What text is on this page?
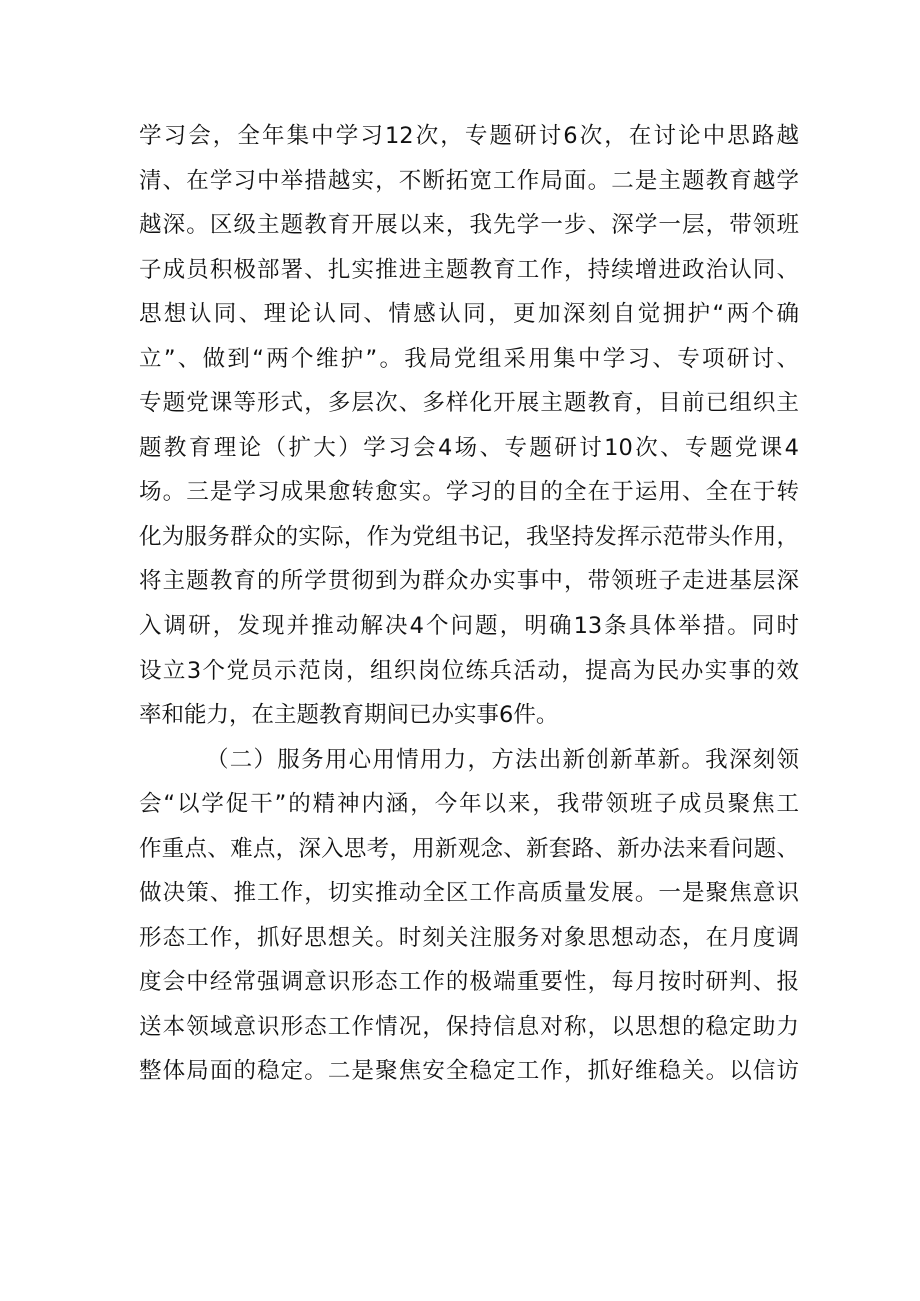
学习会，全年集中学习12次，专题研讨6次，在讨论中思路越
清、在学习中举措越实，不断拓宽工作局面。二是主题教育越学
越深。区级主题教育开展以来，我先学一步、深学一层，带领班
子成员积极部署、扎实推进主题教育工作，持续增进政治认同、
思想认同、理论认同、情感认同，更加深刻自觉拥护“两个确
立”、做到“两个维护”。我局党组采用集中学习、专项研讨、
专题党课等形式，多层次、多样化开展主题教育，目前已组织主
题教育理论（扩大）学习会4场、专题研讨10次、专题党课4
场。三是学习成果愈转愈实。学习的目的全在于运用、全在于转
化为服务群众的实际，作为党组书记，我坚持发挥示范带头作用，
将主题教育的所学贯彻到为群众办实事中，带领班子走进基层深
入调研，发现并推动解决4个问题，明确13条具体举措。同时
设立3个党员示范岗，组织岗位练兵活动，提高为民办实事的效
率和能力，在主题教育期间已办实事6件。
（二）服务用心用情用力，方法出新创新革新。我深刻领
会“以学促干”的精神内涵，今年以来，我带领班子成员聚焦工
作重点、难点，深入思考，用新观念、新套路、新办法来看问题、
做决策、推工作，切实推动全区工作高质量发展。一是聚焦意识
形态工作，抓好思想关。时刻关注服务对象思想动态，在月度调
度会中经常强调意识形态工作的极端重要性，每月按时研判、报
送本领域意识形态工作情况，保持信息对称，以思想的稳定助力
整体局面的稳定。二是聚焦安全稳定工作，抓好维稳关。以信访
